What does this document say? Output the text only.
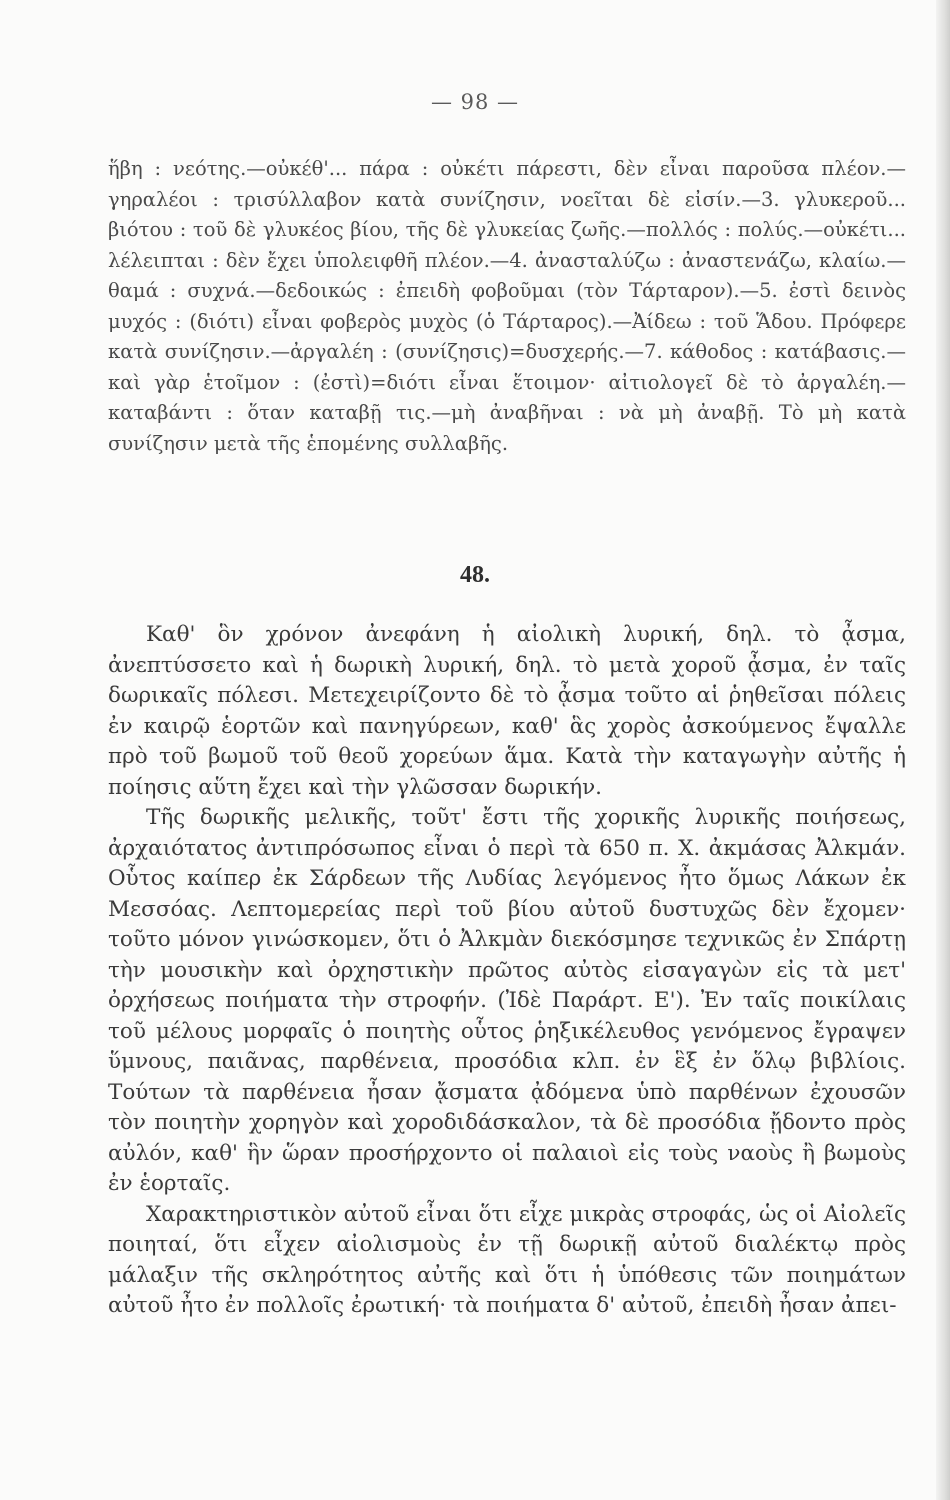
— 98 —

ἥβη : νεότης.—οὐκέθ'... πάρα : οὐκέτι πάρεστι, δὲν εἶναι παροῦσα πλέον.—γηραλέοι : τρισύλλαβον κατὰ συνίζησιν, νοεῖται δὲ εἰσίν.—3. γλυκεροῦ... βιότου : τοῦ δὲ γλυκέος βίου, τῆς δὲ γλυκείας ζωῆς.—πολλός : πολύς.—οὐκέτι... λέλειπται : δὲν ἔχει ὑπολειφθῆ πλέον.—4. ἀνασταλύζω : ἀναστενάζω, κλαίω.—θαμά : συχνά.—δεδοικώς : ἐπειδὴ φοβοῦμαι (τὸν Τάρταρον).—5. ἐστὶ δεινὸς μυχός : (διότι) εἶναι φοβερὸς μυχὸς (ὁ Τάρταρος).—Ἀίδεω : τοῦ Ἅδου. Πρόφερε κατὰ συνίζησιν.—ἀργαλέη : (συνίζησις)=δυσχερής.—7. κάθοδος : κατάβασις.—καὶ γὰρ ἑτοῖμον : (ἐστὶ)=διότι εἶναι ἕτοιμον· αἰτιολογεῖ δὲ τὸ ἀργαλέη.—καταβάντι : ὅταν καταβῇ τις.—μὴ ἀναβῆναι : νὰ μὴ ἀναβῇ. Τὸ μὴ κατὰ συνίζησιν μετὰ τῆς ἑπομένης συλλαβῆς.

48.

Καθ' ὃν χρόνον ἀνεφάνη ἡ αἰολικὴ λυρική, δηλ. τὸ ᾆσμα, ἀνεπτύσσετο καὶ ἡ δωρικὴ λυρική, δηλ. τὸ μετὰ χοροῦ ᾆσμα, ἐν ταῖς δωρικαῖς πόλεσι. Μετεχειρίζοντο δὲ τὸ ᾆσμα τοῦτο αἱ ῥηθεῖσαι πόλεις ἐν καιρῷ ἑορτῶν καὶ πανηγύρεων, καθ' ἃς χορὸς ἀσκούμενος ἔψαλλε πρὸ τοῦ βωμοῦ τοῦ θεοῦ χορεύων ἅμα. Κατὰ τὴν καταγωγὴν αὐτῆς ἡ ποίησις αὕτη ἔχει καὶ τὴν γλῶσσαν δωρικήν.

Τῆς δωρικῆς μελικῆς, τοῦτ' ἔστι τῆς χορικῆς λυρικῆς ποιήσεως, ἀρχαιότατος ἀντιπρόσωπος εἶναι ὁ περὶ τὰ 650 π. Χ. ἀκμάσας Ἀλκμάν. Οὗτος καίπερ ἐκ Σάρδεων τῆς Λυδίας λεγόμενος ἦτο ὅμως Λάκων ἐκ Μεσσόας. Λεπτομερείας περὶ τοῦ βίου αὐτοῦ δυστυχῶς δὲν ἔχομεν· τοῦτο μόνον γινώσκομεν, ὅτι ὁ Ἀλκμὰν διεκόσμησε τεχνικῶς ἐν Σπάρτῃ τὴν μουσικὴν καὶ ὀρχηστικὴν πρῶτος αὐτὸς εἰσαγαγὼν εἰς τὰ μετ' ὀρχήσεως ποιήματα τὴν στροφήν. (Ἰδὲ Παράρτ. Ε'). Ἐν ταῖς ποικίλαις τοῦ μέλους μορφαῖς ὁ ποιητὴς οὗτος ῥηξικέλευθος γενόμενος ἔγραψεν ὕμνους, παιᾶνας, παρθένεια, προσόδια κλπ. ἐν ἓξ ἐν ὅλῳ βιβλίοις. Τούτων τὰ παρθένεια ἦσαν ᾄσματα ᾀδόμενα ὑπὸ παρθένων ἐχουσῶν τὸν ποιητὴν χορηγὸν καὶ χοροδιδάσκαλον, τὰ δὲ προσόδια ᾔδοντο πρὸς αὐλόν, καθ' ἣν ὥραν προσήρχοντο οἱ παλαιοὶ εἰς τοὺς ναοὺς ἢ βωμοὺς ἐν ἑορταῖς.

Χαρακτηριστικὸν αὐτοῦ εἶναι ὅτι εἶχε μικρὰς στροφάς, ὡς οἱ Αἰολεῖς ποιηταί, ὅτι εἶχεν αἰολισμοὺς ἐν τῇ δωρικῇ αὐτοῦ διαλέκτῳ πρὸς μάλαξιν τῆς σκληρότητος αὐτῆς καὶ ὅτι ἡ ὑπόθεσις τῶν ποιημάτων αὐτοῦ ἦτο ἐν πολλοῖς ἐρωτική· τὰ ποιήματα δ' αὐτοῦ, ἐπειδὴ ἦσαν ἀπει-
